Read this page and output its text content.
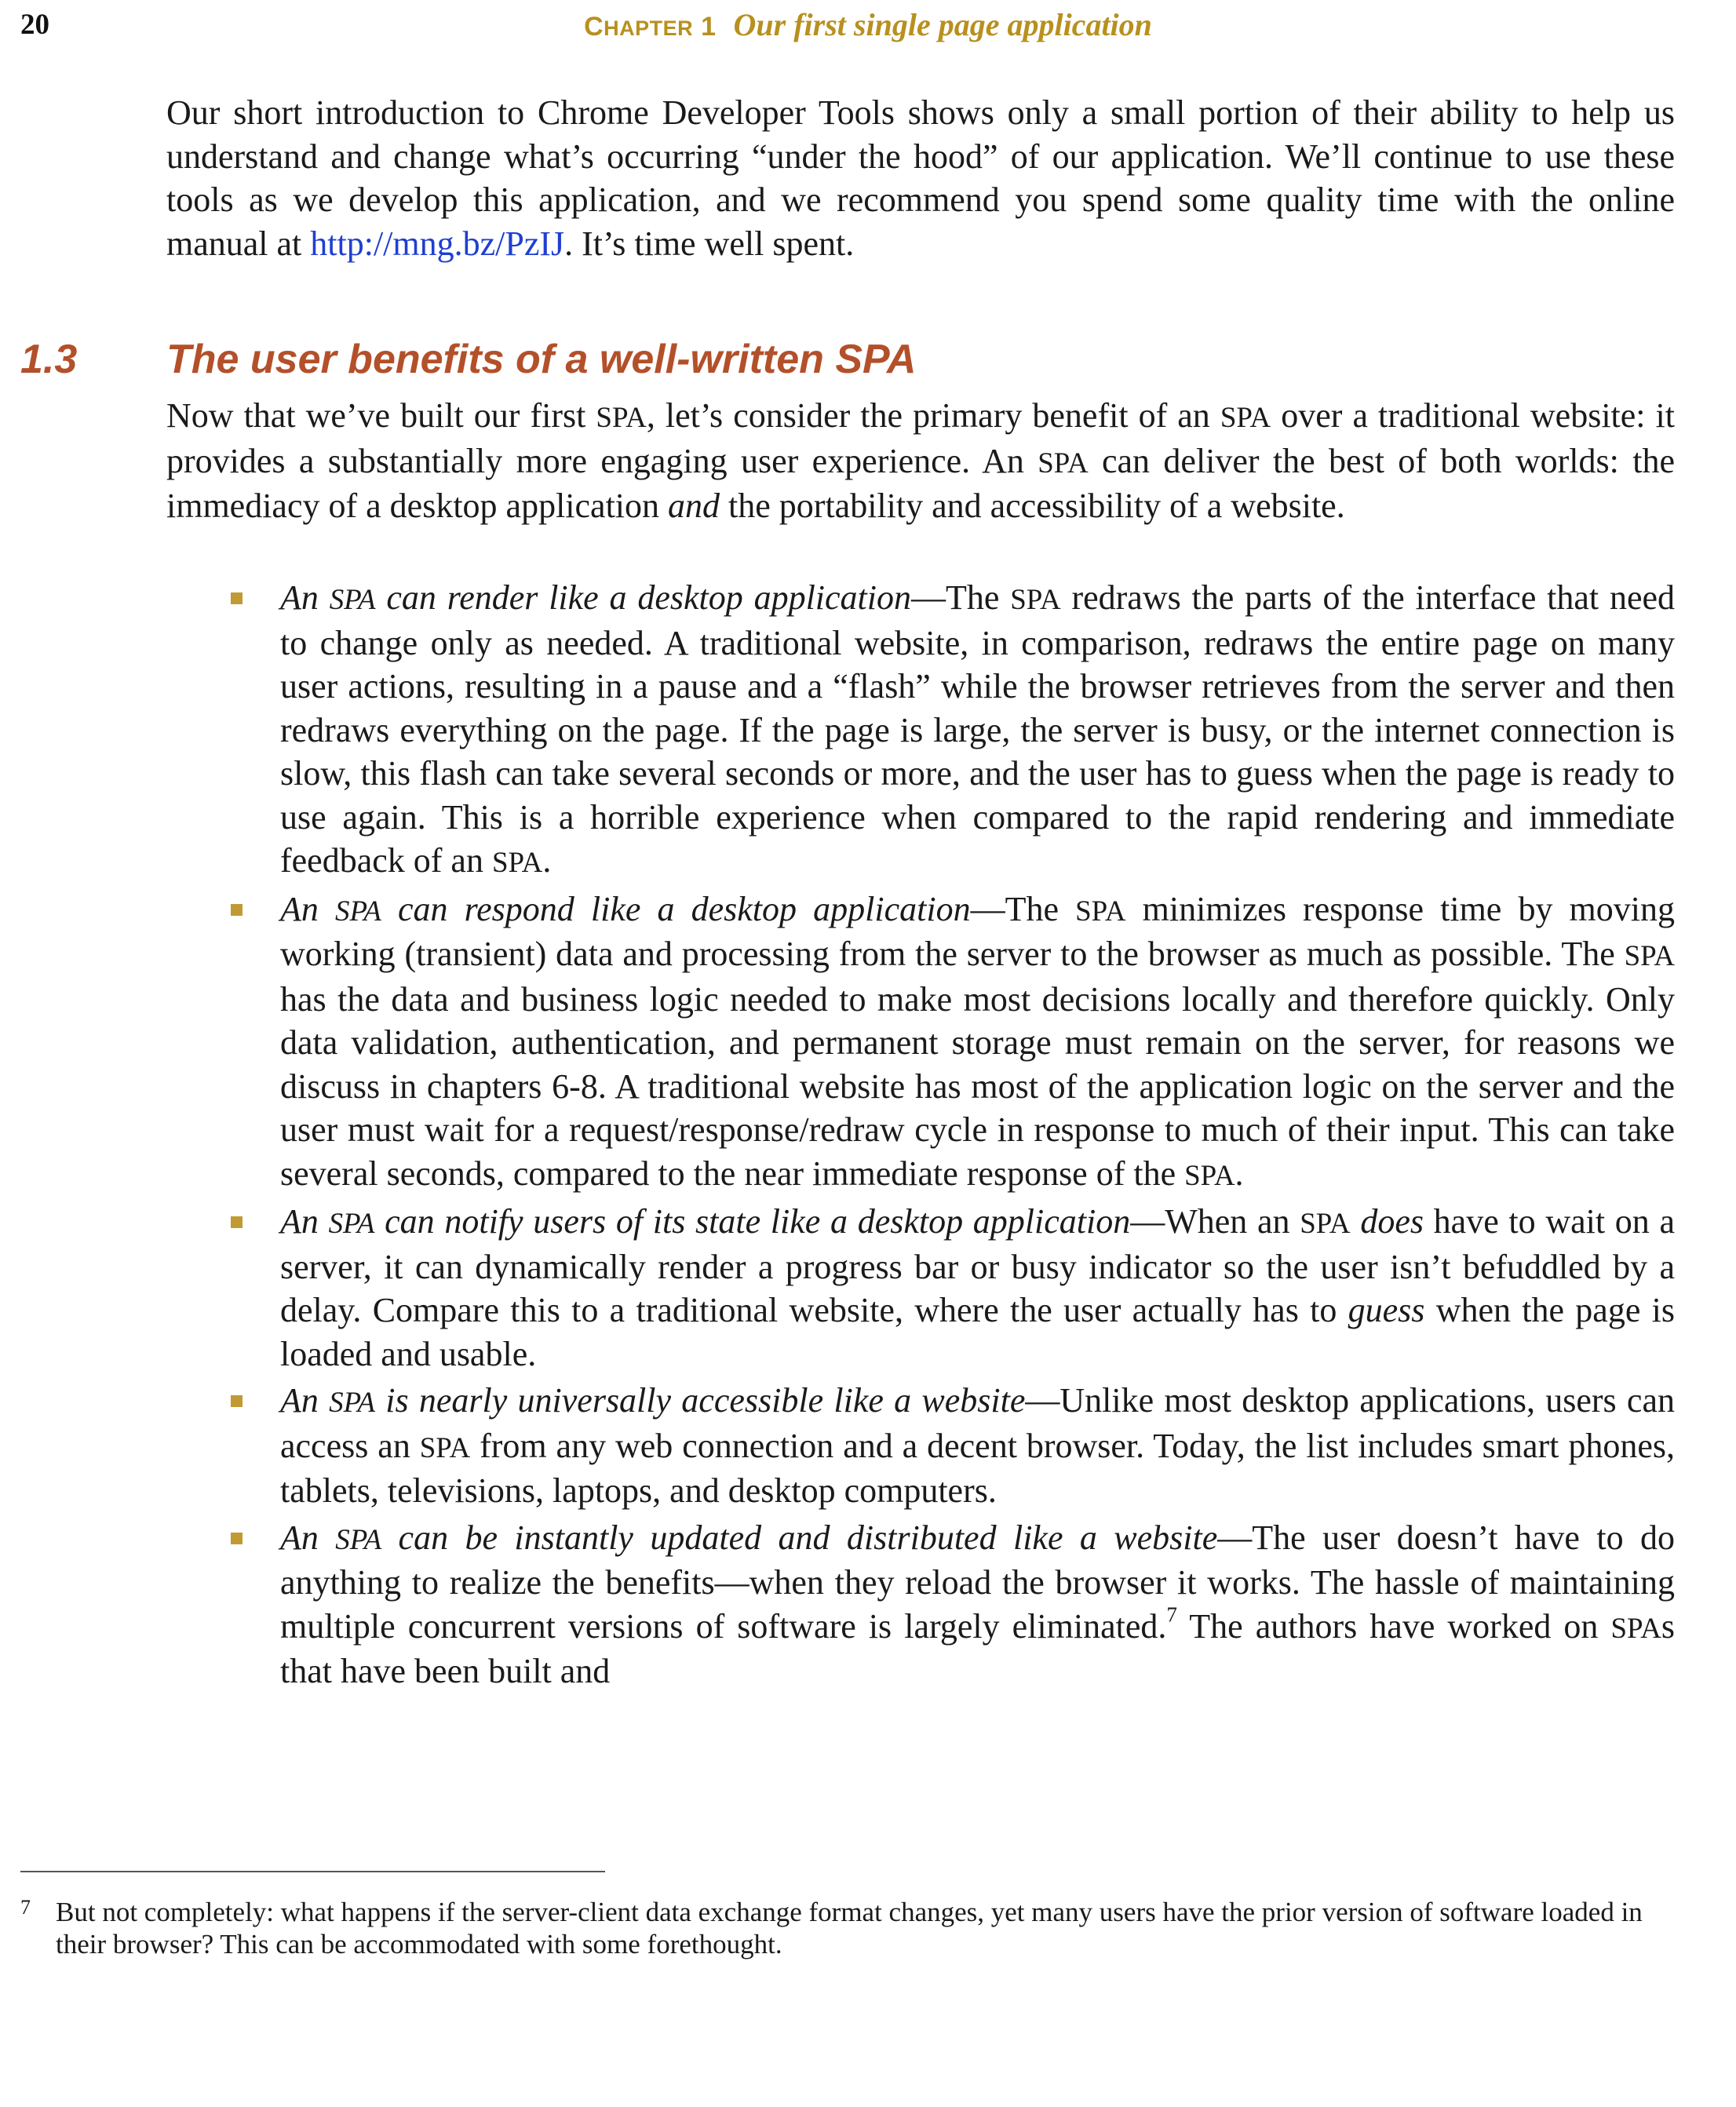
20	CHAPTER 1 Our first single page application

Our short introduction to Chrome Developer Tools shows only a small portion of their ability to help us understand and change what’s occurring “under the hood” of our application. We’ll continue to use these tools as we develop this application, and we recommend you spend some quality time with the online manual at http://mng.bz/PzIJ. It’s time well spent.

1.3 The user benefits of a well-written SPA

Now that we’ve built our first SPA, let’s consider the primary benefit of an SPA over a traditional website: it provides a substantially more engaging user experience. An SPA can deliver the best of both worlds: the immediacy of a desktop application and the portability and accessibility of a website.

An SPA can render like a desktop application—The SPA redraws the parts of the interface that need to change only as needed. A traditional website, in comparison, redraws the entire page on many user actions, resulting in a pause and a “flash” while the browser retrieves from the server and then redraws everything on the page. If the page is large, the server is busy, or the internet connection is slow, this flash can take several seconds or more, and the user has to guess when the page is ready to use again. This is a horrible experience when compared to the rapid rendering and immediate feedback of an SPA.
An SPA can respond like a desktop application—The SPA minimizes response time by moving working (transient) data and processing from the server to the browser as much as possible. The SPA has the data and business logic needed to make most decisions locally and therefore quickly. Only data validation, authentication, and permanent storage must remain on the server, for reasons we discuss in chapters 6-8. A traditional website has most of the application logic on the server and the user must wait for a request/response/redraw cycle in response to much of their input. This can take several seconds, compared to the near immediate response of the SPA.
An SPA can notify users of its state like a desktop application—When an SPA does have to wait on a server, it can dynamically render a progress bar or busy indicator so the user isn’t befuddled by a delay. Compare this to a traditional website, where the user actually has to guess when the page is loaded and usable.
An SPA is nearly universally accessible like a website—Unlike most desktop applications, users can access an SPA from any web connection and a decent browser. Today, the list includes smart phones, tablets, televisions, laptops, and desktop computers.
An SPA can be instantly updated and distributed like a website—The user doesn’t have to do anything to realize the benefits—when they reload the browser it works. The hassle of maintaining multiple concurrent versions of software is largely eliminated.$^7$ The authors have worked on SPAs that have been built and

7 But not completely: what happens if the server-client data exchange format changes, yet many users have the prior version of software loaded in their browser? This can be accommodated with some forethought.
